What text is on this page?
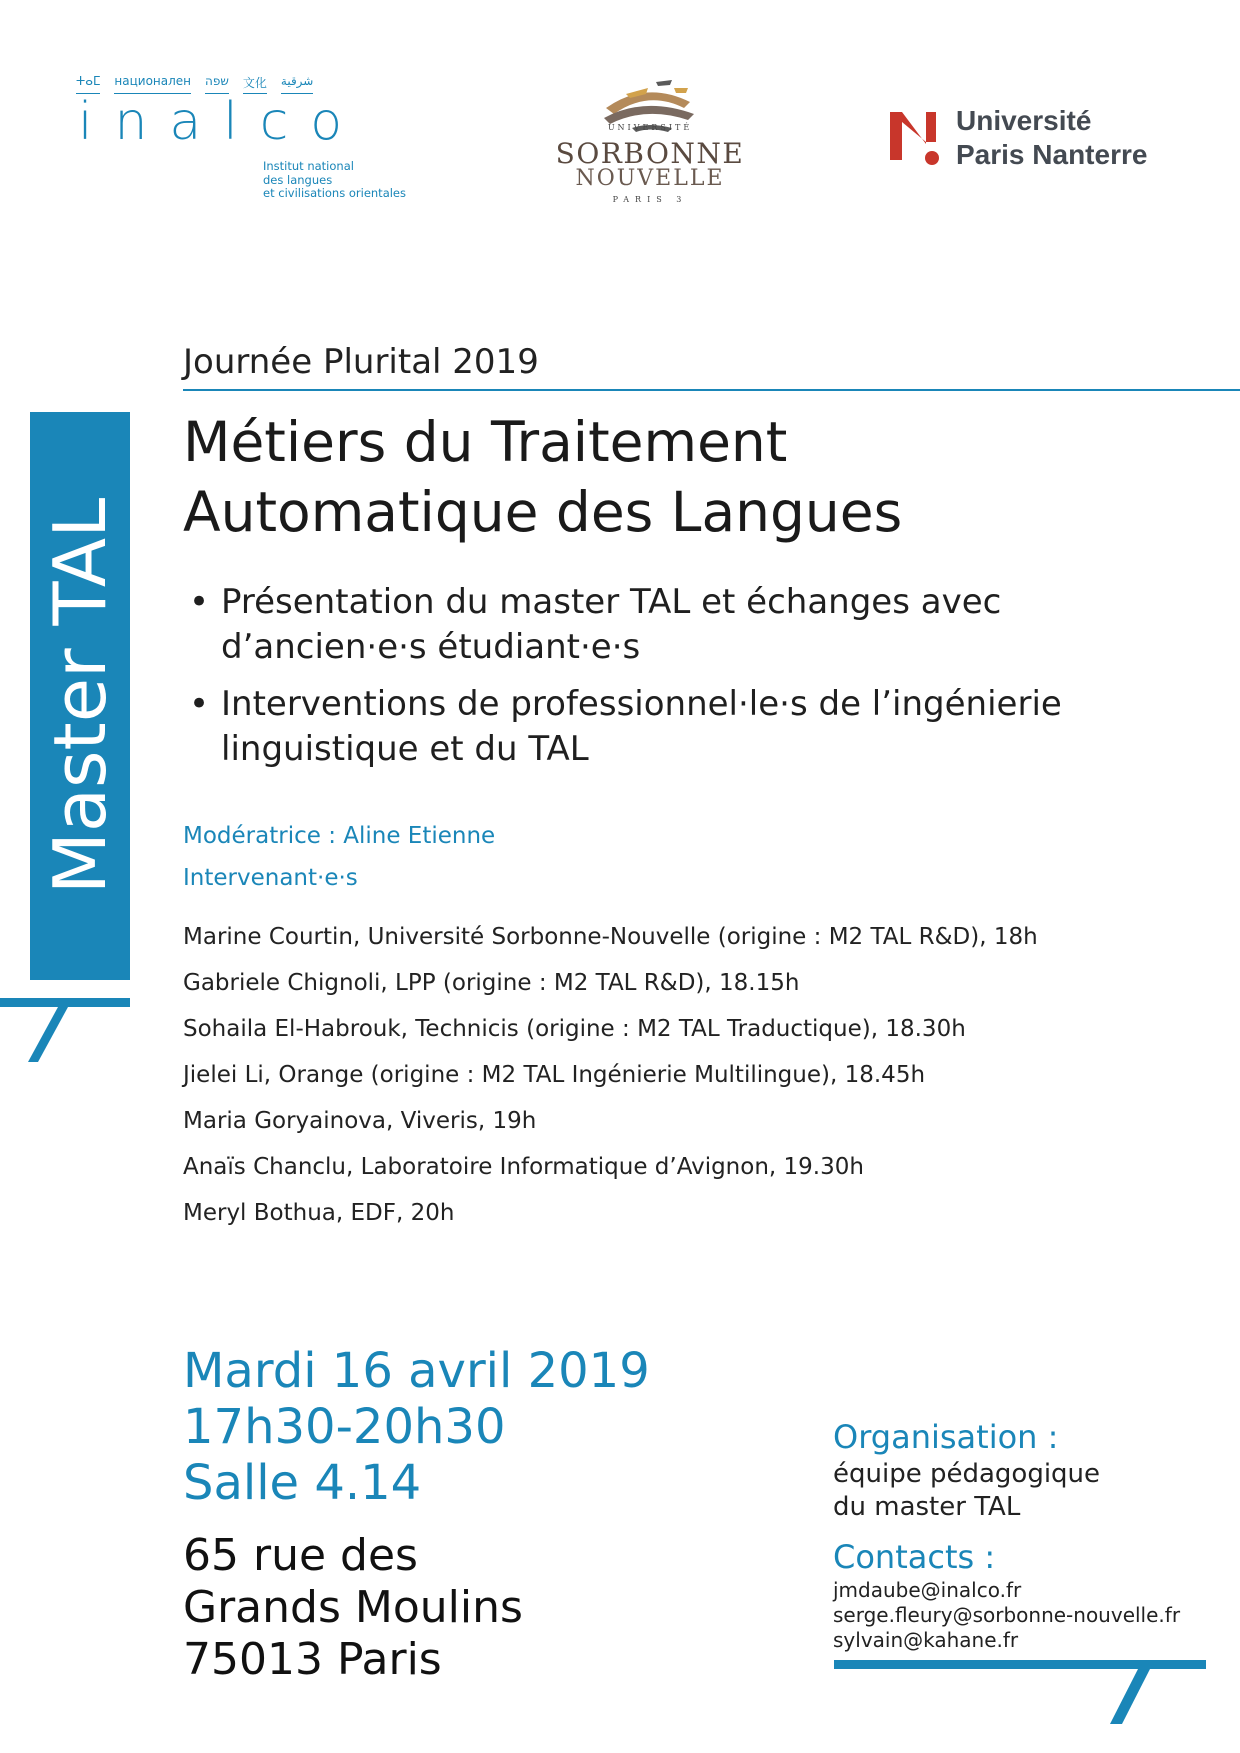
ⵜⴰⵎ национален שפה 文化 شرقية
inalco
Institut national
des langues
et civilisations orientales
UNIVERSITÉ
SORBONNE
NOUVELLE
PARIS 3
Université
Paris Nanterre
Master TAL
Journée Plurital 2019
Métiers du Traitement
Automatique des Langues
• Présentation du master TAL et échanges avec d’ancien·e·s étudiant·e·s
• Interventions de professionnel·le·s de l’ingénierie linguistique et du TAL
Modératrice : Aline Etienne
Intervenant·e·s
Marine Courtin, Université Sorbonne-Nouvelle (origine : M2 TAL R&D), 18h
Gabriele Chignoli, LPP (origine : M2 TAL R&D), 18.15h
Sohaila El-Habrouk, Technicis (origine : M2 TAL Traductique), 18.30h
Jielei Li, Orange (origine : M2 TAL Ingénierie Multilingue), 18.45h
Maria Goryainova, Viveris, 19h
Anaïs Chanclu, Laboratoire Informatique d’Avignon, 19.30h
Meryl Bothua, EDF, 20h
Mardi 16 avril 2019
17h30-20h30
Salle 4.14
65 rue des
Grands Moulins
75013 Paris
Organisation :
équipe pédagogique
du master TAL
Contacts :
jmdaube@inalco.fr
serge.fleury@sorbonne-nouvelle.fr
sylvain@kahane.fr
